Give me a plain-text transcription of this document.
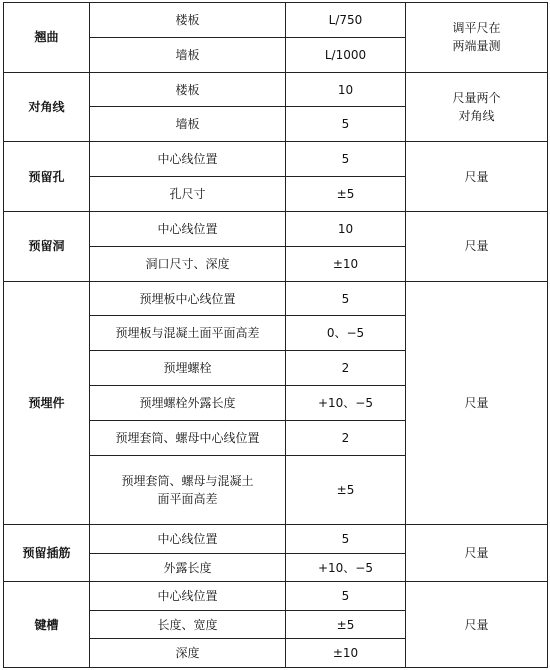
翘曲	楼板	L/750	调平尺在
两端量测
	墙板	L/1000	
对角线	楼板	10	尺量两个
对角线
	墙板	5	
预留孔	中心线位置	5	尺量
	孔尺寸	±5	
预留洞	中心线位置	10	尺量
	洞口尺寸、深度	±10	
预埋件	预埋板中心线位置	5	尺量
	预埋板与混凝土面平面高差	0、−5	
	预埋螺栓	2	
	预埋螺栓外露长度	+10、−5	
	预埋套筒、螺母中心线位置	2	
	预埋套筒、螺母与混凝土
面平面高差	±5	
预留插筋	中心线位置	5	尺量
	外露长度	+10、−5	
键槽	中心线位置	5	尺量
	长度、宽度	±5	
	深度	±10	
